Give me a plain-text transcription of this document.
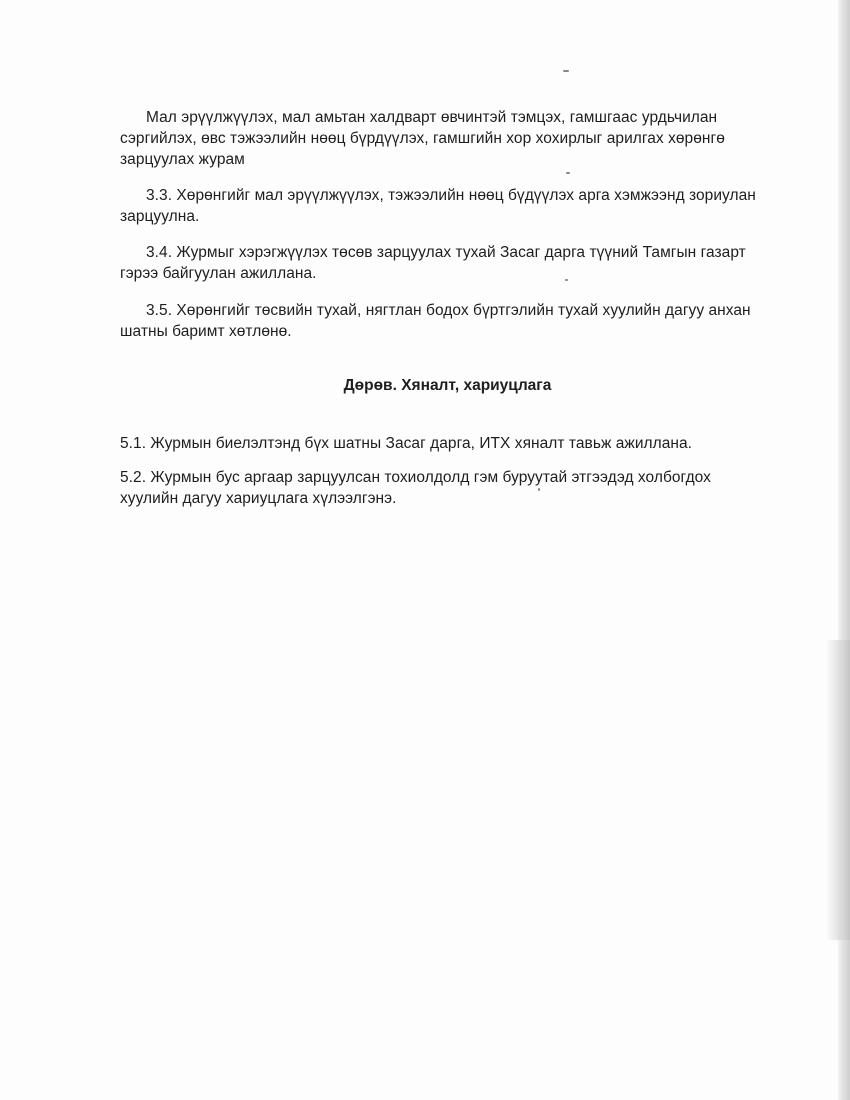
Мал эрүүлжүүлэх, мал амьтан халдварт өвчинтэй тэмцэх, гамшгаас урдьчилан сэргийлэх, өвс тэжээлийн нөөц бүрдүүлэх, гамшгийн хор хохирлыг арилгах хөрөнгө зарцуулах журам

3.3. Хөрөнгийг мал эрүүлжүүлэх, тэжээлийн нөөц бүдүүлэх арга хэмжээнд зориулан зарцуулна.

3.4. Журмыг хэрэгжүүлэх төсөв зарцуулах тухай Засаг дарга түүний Тамгын газарт гэрээ байгуулан ажиллана.

3.5. Хөрөнгийг төсвийн тухай, нягтлан бодох бүртгэлийн тухай хуулийн дагуу анхан шатны баримт хөтлөнө.

Дөрөв. Хяналт, хариуцлага

5.1. Журмын биелэлтэнд бүх шатны Засаг дарга, ИТХ хяналт тавьж ажиллана.

5.2. Журмын бус аргаар зарцуулсан тохиолдолд гэм буруутай этгээдэд холбогдох хуулийн дагуу хариуцлага хүлээлгэнэ.
